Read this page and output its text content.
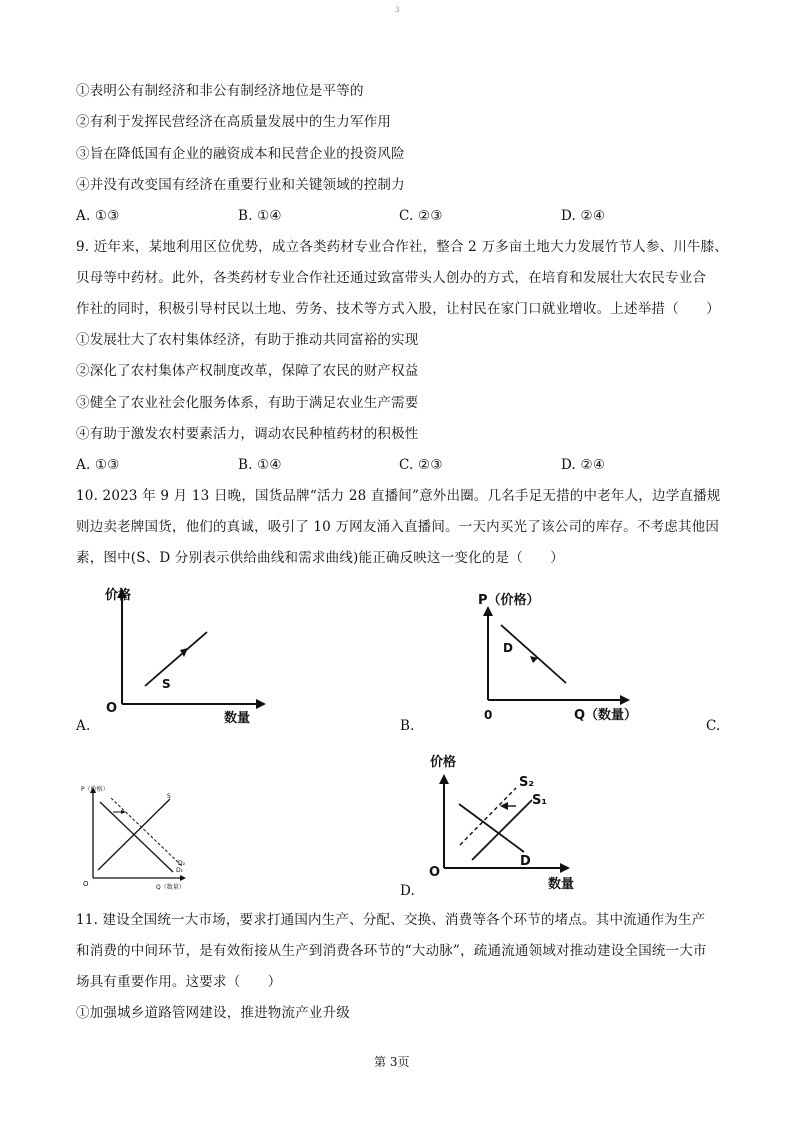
3
①表明公有制经济和非公有制经济地位是平等的
②有利于发挥民营经济在高质量发展中的生力军作用
③旨在降低国有企业的融资成本和民营企业的投资风险
④并没有改变国有经济在重要行业和关键领域的控制力
A. ①③	B. ①④	C. ②③	D. ②④
9. 近年来，某地利用区位优势，成立各类药材专业合作社，整合 2 万多亩土地大力发展竹节人参、川牛膝、
贝母等中药材。此外，各类药材专业合作社还通过致富带头人创办的方式，在培育和发展壮大农民专业合
作社的同时，积极引导村民以土地、劳务、技术等方式入股，让村民在家门口就业增收。上述举措（　　）
①发展壮大了农村集体经济，有助于推动共同富裕的实现
②深化了农村集体产权制度改革，保障了农民的财产权益
③健全了农业社会化服务体系，有助于满足农业生产需要
④有助于激发农村要素活力，调动农民种植药材的积极性
A. ①③	B. ①④	C. ②③	D. ②④
10. 2023 年 9 月 13 日晚，国货品牌“活力 28 直播间”意外出圈。几名手足无措的中老年人，边学直播规
则边卖老牌国货，他们的真诚，吸引了 10 万网友涌入直播间。一天内买光了该公司的库存。不考虑其他因
素，图中(S、D 分别表示供给曲线和需求曲线)能正确反映这一变化的是（　　）
价格
O
数量
S
A.
P（价格）
0	Q（数量）
D
B.	C.
P（价格）
O	Q（数量）
S
D₁
D₂
价格
O
数量
S₂
S₁
D
D.
11. 建设全国统一大市场，要求打通国内生产、分配、交换、消费等各个环节的堵点。其中流通作为生产
和消费的中间环节，是有效衔接从生产到消费各环节的“大动脉”，疏通流通领域对推动建设全国统一大市
场具有重要作用。这要求（　　）
①加强城乡道路管网建设，推进物流产业升级
第 3页
